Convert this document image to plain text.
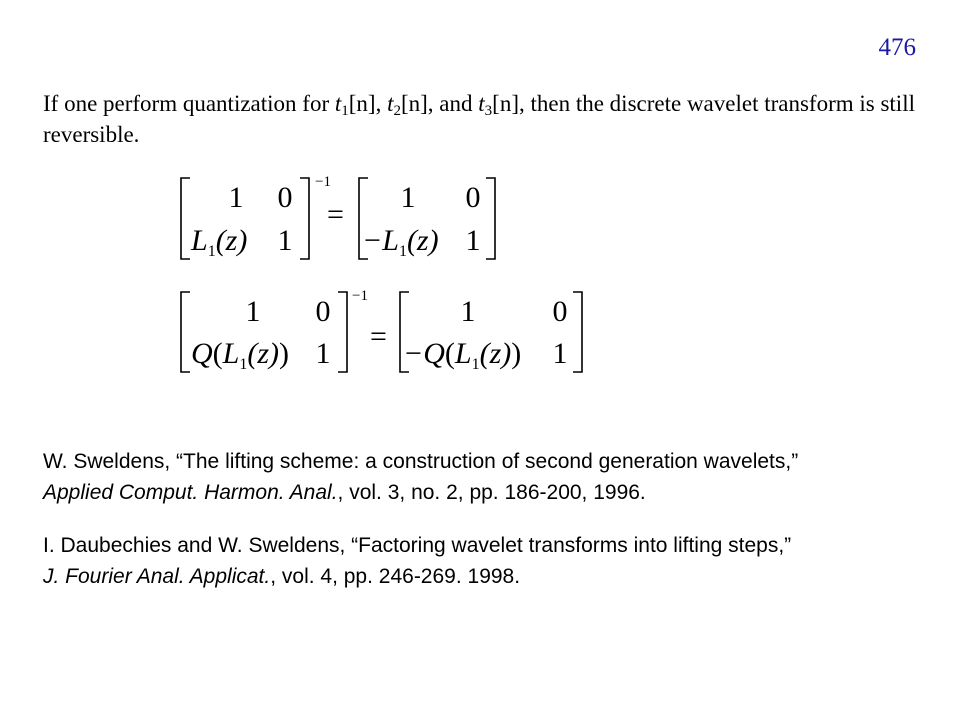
476
If one perform quantization for $t_1[n]$, $t_2[n]$, and $t_3[n]$, then the discrete wavelet transform is still reversible.
1 0
$L_1(z)$ 1
−1
=
1 0
$-L_1(z)$ 1
1 0
$Q(L_1(z))$ 1
−1
=
1	0
$-Q(L_1(z))$ 1
W. Sweldens, “The lifting scheme: a construction of second generation wavelets,”
Applied Comput. Harmon. Anal., vol. 3, no. 2, pp. 186-200, 1996.
I. Daubechies and W. Sweldens, “Factoring wavelet transforms into lifting steps,”
J. Fourier Anal. Applicat., vol. 4, pp. 246-269. 1998.
